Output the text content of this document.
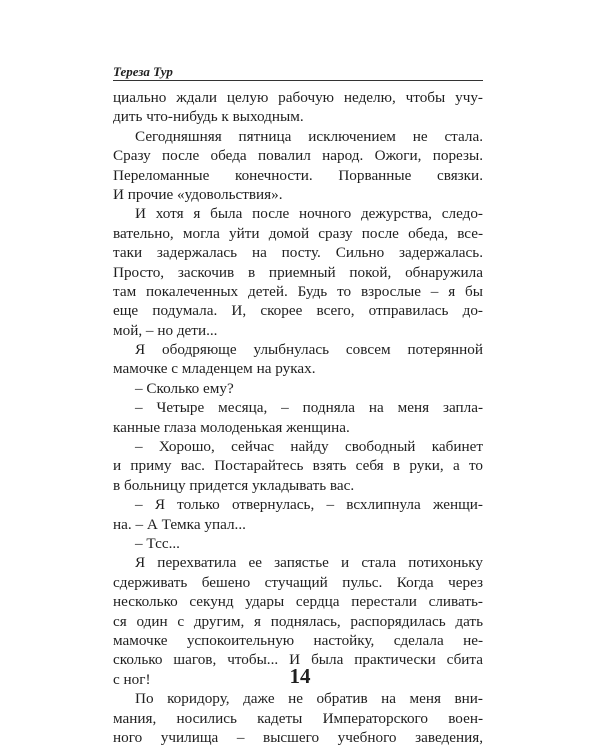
Тереза Тур
циально ждали целую рабочую неделю, чтобы учу-
дить что-нибудь к выходным.
Сегодняшняя пятница исключением не стала.
Сразу после обеда повалил народ. Ожоги, порезы.
Переломанные конечности. Порванные связки.
И прочие «удовольствия».
И хотя я была после ночного дежурства, следо-
вательно, могла уйти домой сразу после обеда, все-
таки задержалась на посту. Сильно задержалась.
Просто, заскочив в приемный покой, обнаружила
там покалеченных детей. Будь то взрослые – я бы
еще подумала. И, скорее всего, отправилась до-
мой, – но дети...
Я ободряюще улыбнулась совсем потерянной
мамочке с младенцем на руках.
– Сколько ему?
– Четыре месяца, – подняла на меня запла-
канные глаза молоденькая женщина.
– Хорошо, сейчас найду свободный кабинет
и приму вас. Постарайтесь взять себя в руки, а то
в больницу придется укладывать вас.
– Я только отвернулась, – всхлипнула женщи-
на. – А Темка упал...
– Тсс...
Я перехватила ее запястье и стала потихоньку
сдерживать бешено стучащий пульс. Когда через
несколько секунд удары сердца перестали сливать-
ся один с другим, я поднялась, распорядилась дать
мамочке успокоительную настойку, сделала не-
сколько шагов, чтобы... И была практически сбита
с ног!
По коридору, даже не обратив на меня вни-
мания, носились кадеты Императорского воен-
ного училища – высшего учебного заведения,
14
